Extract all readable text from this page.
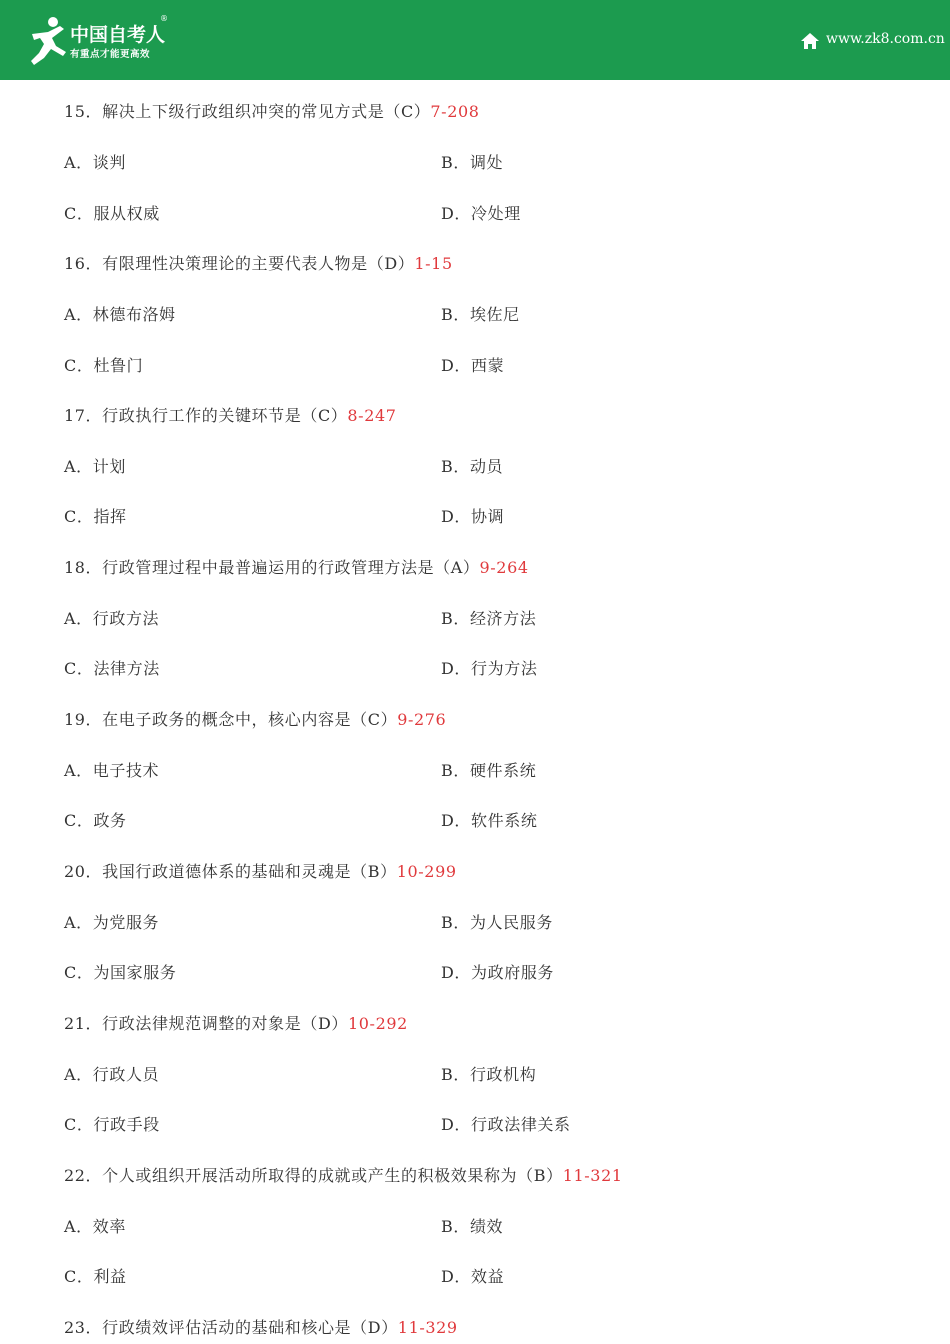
中国自考人
®
有重点才能更高效
www.zk8.com.cn
15．解决上下级行政组织冲突的常见方式是（C）7-208
A．谈判	B．调处
C．服从权威	D．冷处理
16．有限理性决策理论的主要代表人物是（D）1-15
A．林德布洛姆	B．埃佐尼
C．杜鲁门	D．西蒙
17．行政执行工作的关键环节是（C）8-247
A．计划	B．动员
C．指挥	D．协调
18．行政管理过程中最普遍运用的行政管理方法是（A）9-264
A．行政方法	B．经济方法
C．法律方法	D．行为方法
19．在电子政务的概念中，核心内容是（C）9-276
A．电子技术	B．硬件系统
C．政务	D．软件系统
20．我国行政道德体系的基础和灵魂是（B）10-299
A．为党服务	B．为人民服务
C．为国家服务	D．为政府服务
21．行政法律规范调整的对象是（D）10-292
A．行政人员	B．行政机构
C．行政手段	D．行政法律关系
22．个人或组织开展活动所取得的成就或产生的积极效果称为（B）11-321
A．效率	B．绩效
C．利益	D．效益
23．行政绩效评估活动的基础和核心是（D）11-329
